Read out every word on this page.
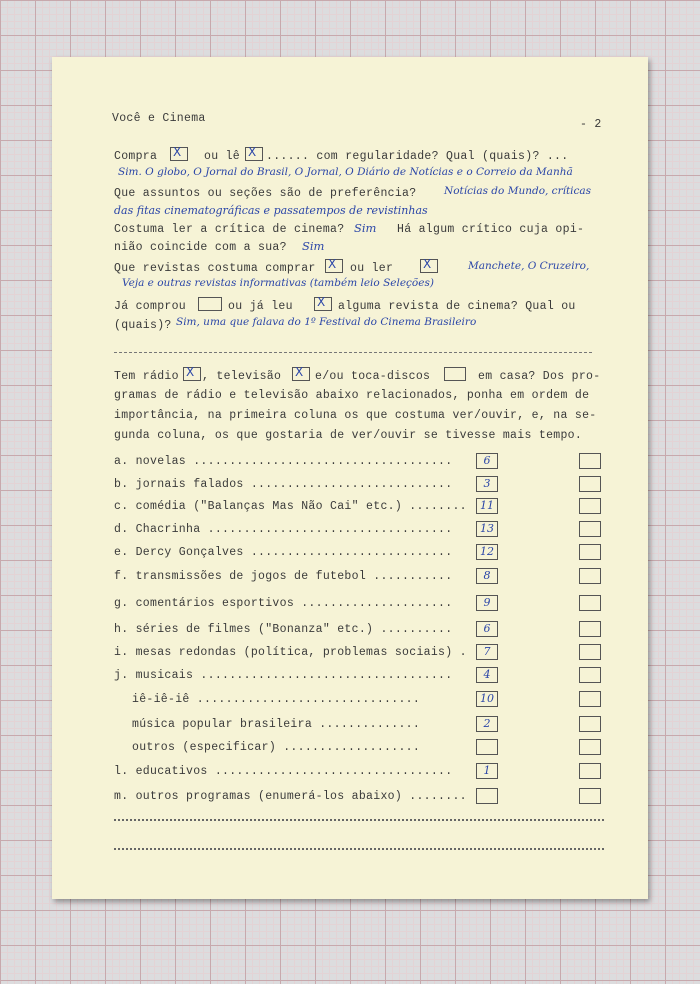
Você e Cinema	- 2
Compra X	ou lê X ...... com regularidade? Qual (quais)? ...
Sim. O globo, O Jornal do Brasil, O Jornal, O Diário de Notícias e o Correio da Manhã
Que assuntos ou seções são de preferência?	Notícias do Mundo, críticas
das fitas cinematográficas e passatempos de revistinhas
Costuma ler a crítica de cinema? Sim Há algum crítico cuja opi-
nião coincide com a sua? Sim
Que revistas costuma comprar X	ou ler X	Manchete, O Cruzeiro,
Veja e outras revistas informativas (também leio Seleções)
Já comprou	ou já leu X	alguma revista de cinema? Qual ou
(quais)? Sim, uma que falava do 1º Festival do Cinema Brasileiro
Tem rádio X , televisão X	e/ou toca-discos	em casa? Dos pro-
gramas de rádio e televisão abaixo relacionados, ponha em ordem de
importância, na primeira coluna os que costuma ver/ouvir, e, na se-
gunda coluna, os que gostaria de ver/ouvir se tivesse mais tempo.
a. novelas ....................................	6
b. jornais falados ............................	3
c. comédia ("Balanças Mas Não Cai" etc.) ........	11
d. Chacrinha ..................................	13
e. Dercy Gonçalves ............................	12
f. transmissões de jogos de futebol ...........	8
g. comentários esportivos .....................	9
h. séries de filmes ("Bonanza" etc.) ..........	6
i. mesas redondas (política, problemas sociais) .	7
j. musicais ...................................	4
iê-iê-iê ...............................	10
música popular brasileira ..............	2
outros (especificar) ...................
l. educativos .................................	1
m. outros programas (enumerá-los abaixo) ........
